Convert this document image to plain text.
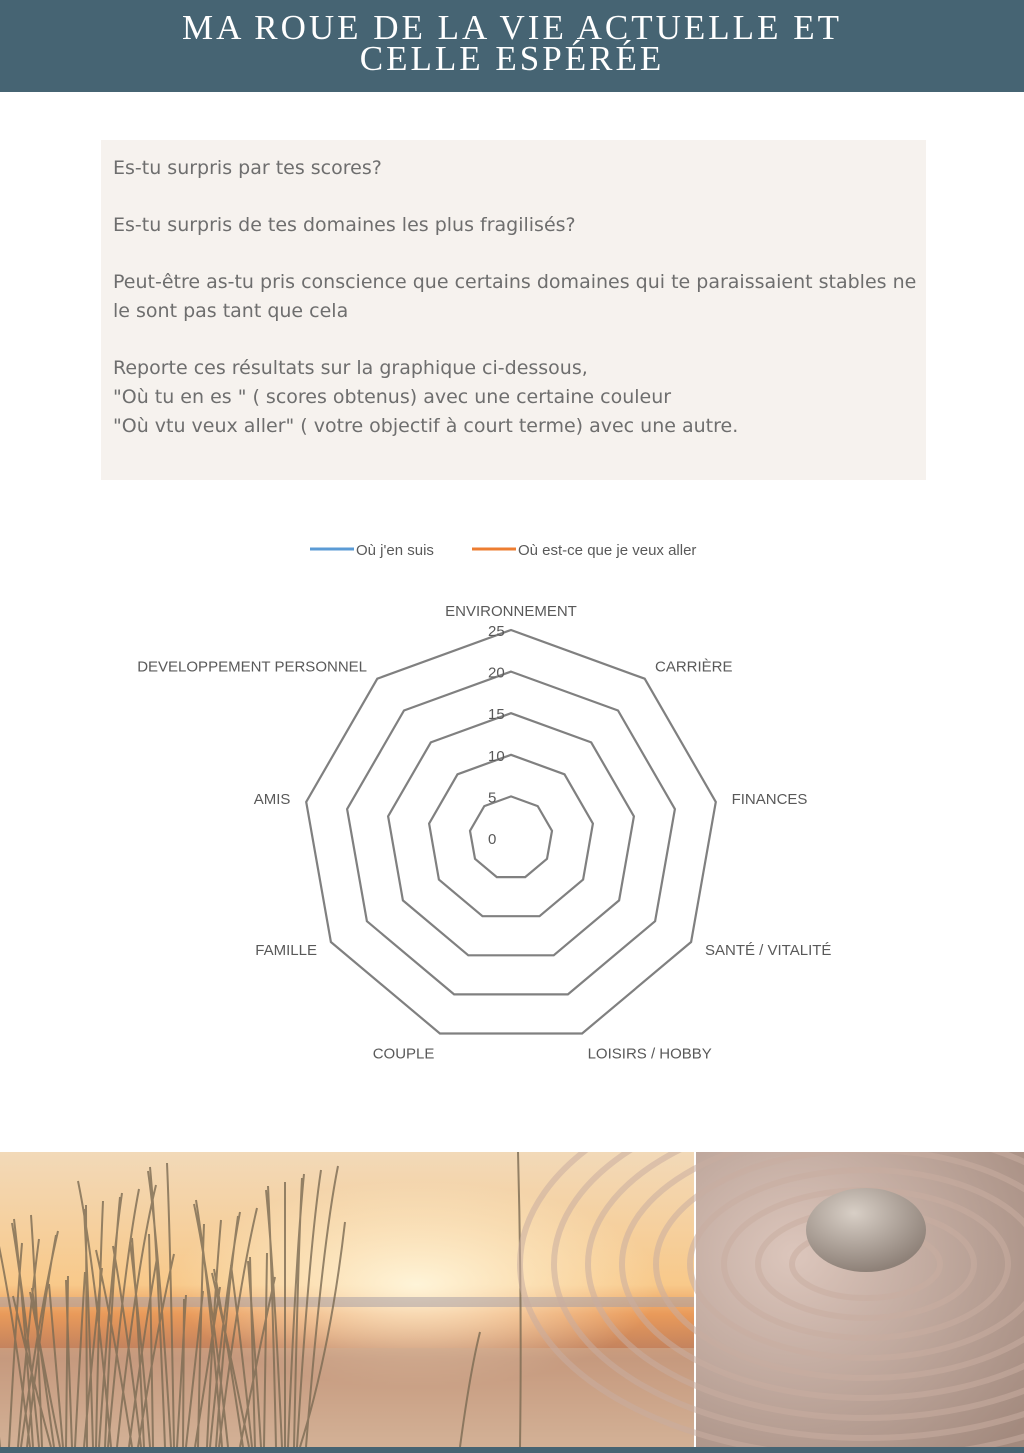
MA ROUE DE LA VIE ACTUELLE ET
CELLE ESPÉRÉE

Es-tu surpris par tes scores?

Es-tu surpris de tes domaines les plus fragilisés?

Peut-être as-tu pris conscience que certains domaines qui te paraissaient stables ne
le sont pas tant que cela

Reporte ces résultats sur la graphique ci-dessous,
"Où tu en es " ( scores obtenus) avec une certaine couleur
"Où vtu veux aller" ( votre objectif à court terme) avec une autre.

Où j'en suis	Où est-ce que je veux aller
0
5
10
15
20
25
ENVIRONNEMENT
CARRIÈRE
FINANCES
SANTÉ / VITALITÉ
LOISIRS / HOBBY
COUPLE
FAMILLE
AMIS
DEVELOPPEMENT PERSONNEL
